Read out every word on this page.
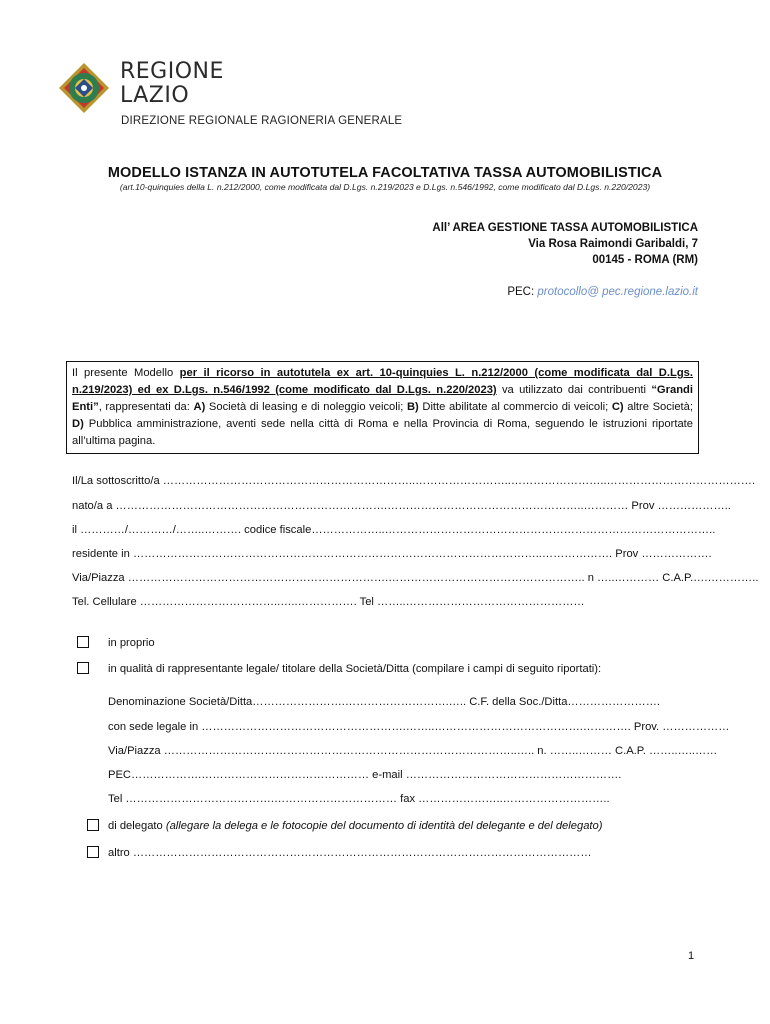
REGIONE
LAZIO
DIREZIONE REGIONALE RAGIONERIA GENERALE
MODELLO ISTANZA IN AUTOTUTELA FACOLTATIVA TASSA AUTOMOBILISTICA
(art.10-quinquies della L. n.212/2000, come modificata dal D.Lgs. n.219/2023 e D.Lgs. n.546/1992, come modificato dal D.Lgs. n.220/2023)
All’ AREA GESTIONE TASSA AUTOMOBILISTICA
Via Rosa Raimondi Garibaldi, 7
00145 - ROMA (RM)
PEC: protocollo@ pec.regione.lazio.it
Il presente Modello per il ricorso in autotutela ex art. 10-quinquies L. n.212/2000 (come modificata dal D.Lgs. n.219/2023) ed ex D.Lgs. n.546/1992 (come modificato dal D.Lgs. n.220/2023) va utilizzato dai contribuenti “Grandi Enti”, rappresentati da: A) Società di leasing e di noleggio veicoli; B) Ditte abilitate al commercio di veicoli; C) altre Società; D) Pubblica amministrazione, aventi sede nella città di Roma e nella Provincia di Roma, seguendo le istruzioni riportate all’ultima pagina.
Il/La sottoscritto/a …………………………………………………………..……………………..……………………..………………………………….
nato/a a ……………………………………………………………….……………………………………………..………… Prov ………………..
il …………/…………/……..………. codice fiscale………………..……………………………………………………………………………..
residente in ………………………………………………………………………………………………..………………. Prov ……………….
Via/Piazza …………………………………………………………….…………………………………………….. n …..………… C.A.P.….…………..
Tel. Cellulare ………………………………..…..……………. Tel ……..…………………………………………
in proprio
in qualità di rappresentante legale/ titolare della Società/Ditta (compilare i campi di seguito riportati):
Denominazione Società/Ditta…………………….……………………….….. C.F. della Soc./Ditta…………………….
con sede legale in ……………………………………………….……..………………………………….…………. Prov. ………………
Via/Piazza …………………………………………………………………………………..….. n. ……..……… C.A.P. ……..…..……
PEC……………….……………………………………… e-mail ………………………………………………….
Tel ………………………………….…………………………… fax …………………..………………………..
di delegato (allegare la delega e le fotocopie del documento di identità del delegante e del delegato)
altro ……………………………………………………………………………………………………………
1
